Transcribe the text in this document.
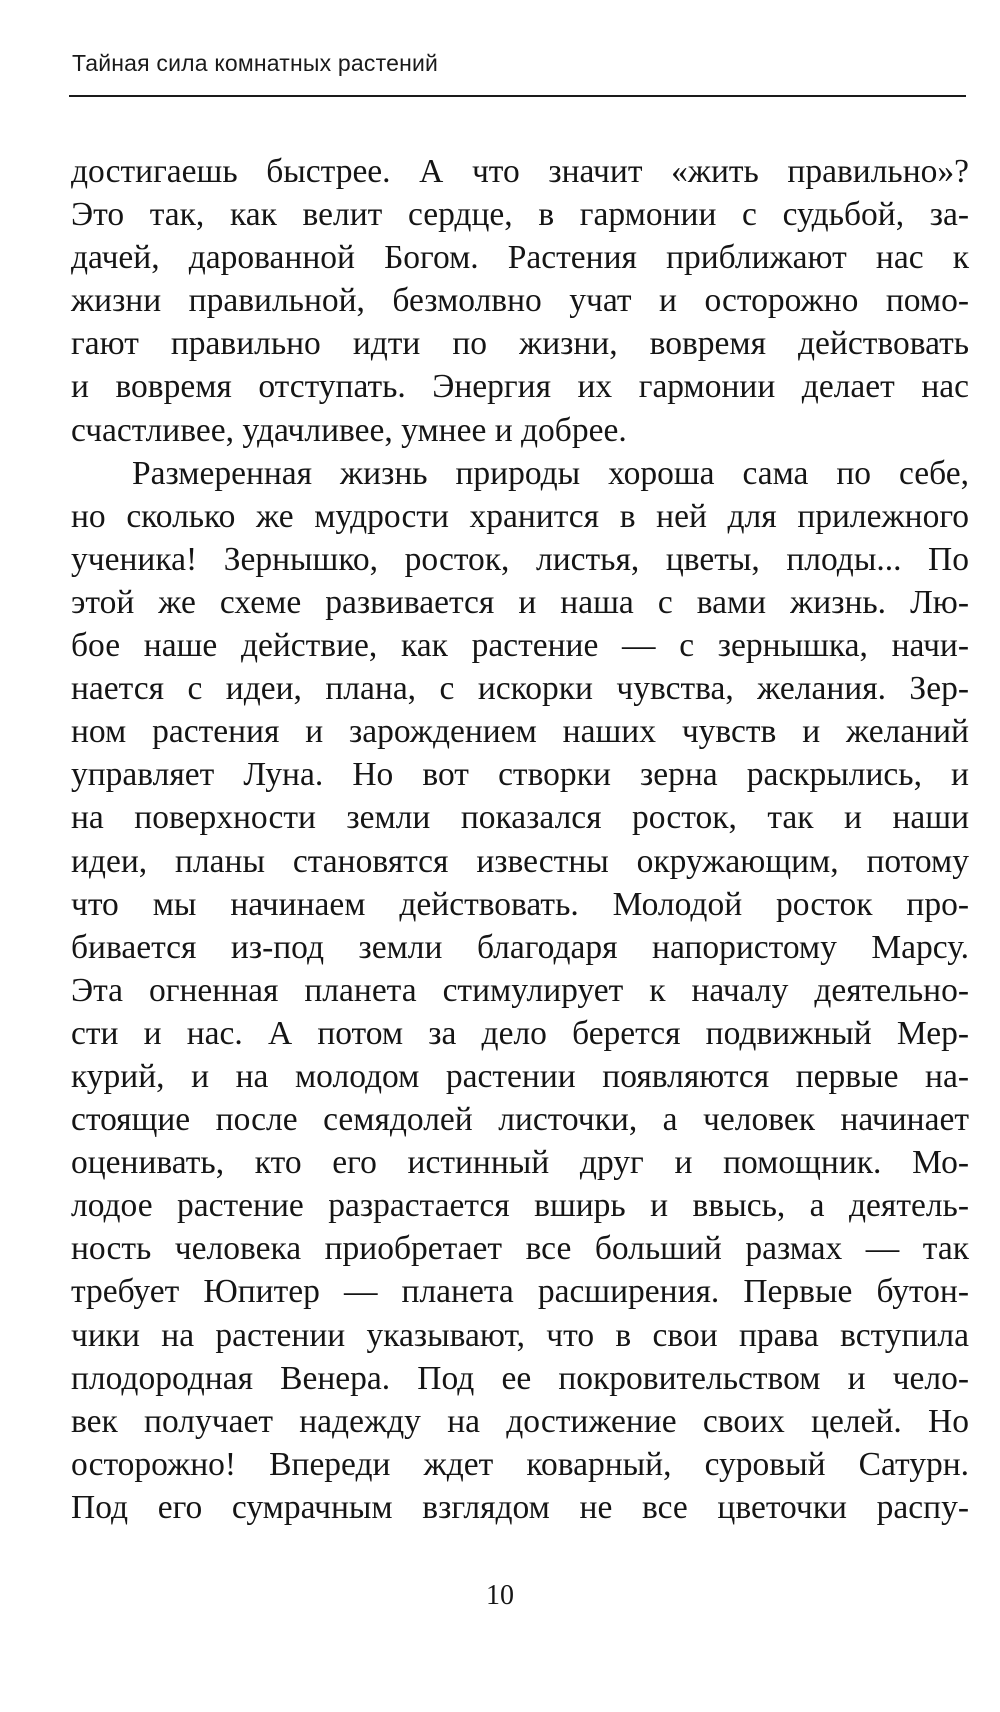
Тайная сила комнатных растений
достигаешь быстрее. А что значит «жить правильно»?
Это так, как велит сердце, в гармонии с судьбой, за-
дачей, дарованной Богом. Растения приближают нас к
жизни правильной, безмолвно учат и осторожно помо-
гают правильно идти по жизни, вовремя действовать
и вовремя отступать. Энергия их гармонии делает нас
счастливее, удачливее, умнее и добрее.
Размеренная жизнь природы хороша сама по себе,
но сколько же мудрости хранится в ней для прилежного
ученика! Зернышко, росток, листья, цветы, плоды... По
этой же схеме развивается и наша с вами жизнь. Лю-
бое наше действие, как растение — с зернышка, начи-
нается с идеи, плана, с искорки чувства, желания. Зер-
ном растения и зарождением наших чувств и желаний
управляет Луна. Но вот створки зерна раскрылись, и
на поверхности земли показался росток, так и наши
идеи, планы становятся известны окружающим, потому
что мы начинаем действовать. Молодой росток про-
бивается из-под земли благодаря напористому Марсу.
Эта огненная планета стимулирует к началу деятельно-
сти и нас. А потом за дело берется подвижный Мер-
курий, и на молодом растении появляются первые на-
стоящие после семядолей листочки, а человек начинает
оценивать, кто его истинный друг и помощник. Мо-
лодое растение разрастается вширь и ввысь, а деятель-
ность человека приобретает все больший размах — так
требует Юпитер — планета расширения. Первые бутон-
чики на растении указывают, что в свои права вступила
плодородная Венера. Под ее покровительством и чело-
век получает надежду на достижение своих целей. Но
осторожно! Впереди ждет коварный, суровый Сатурн.
Под его сумрачным взглядом не все цветочки распу-
10
